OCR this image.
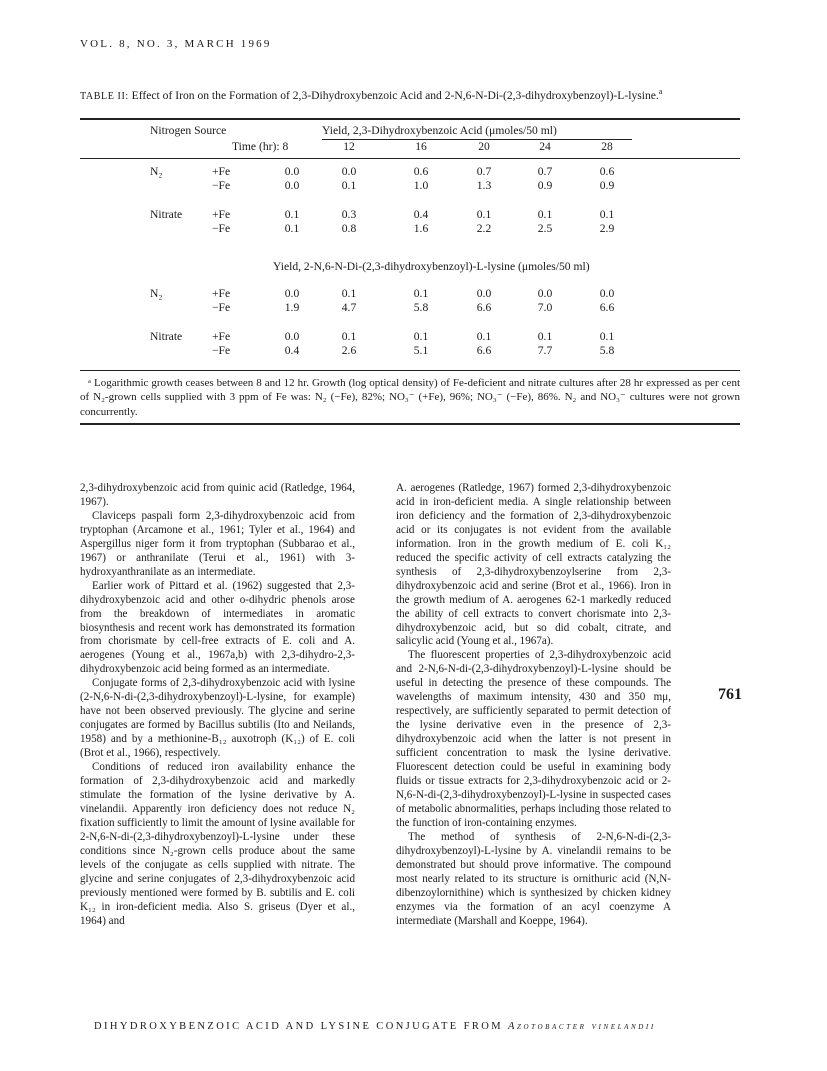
VOL. 8, NO. 3, MARCH 1969
TABLE II: Effect of Iron on the Formation of 2,3-Dihydroxybenzoic Acid and 2-N,6-N-Di-(2,3-dihydroxybenzoyl)-L-lysine.$^a$
Nitrogen Source	Yield, 2,3-Dihydroxybenzoic Acid (μmoles/50 ml)
Time (hr): 8	12	16	20	24	28
N₂	+Fe	0.0	0.0	0.6	0.7	0.7	0.6
−Fe	0.0	0.1	1.0	1.3	0.9	0.9
Nitrate	+Fe	0.1	0.3	0.4	0.1	0.1	0.1
−Fe	0.1	0.8	1.6	2.2	2.5	2.9
Yield, 2-N,6-N-Di-(2,3-dihydroxybenzoyl)-L-lysine (μmoles/50 ml)
N₂	+Fe	0.0	0.1	0.1	0.0	0.0	0.0
−Fe	1.9	4.7	5.8	6.6	7.0	6.6
Nitrate	+Fe	0.0	0.1	0.1	0.1	0.1	0.1
−Fe	0.4	2.6	5.1	6.6	7.7	5.8
ᵃ Logarithmic growth ceases between 8 and 12 hr. Growth (log optical density) of Fe-deficient and nitrate cultures after 28 hr expressed as per cent of N₂-grown cells supplied with 3 ppm of Fe was: N₂ (−Fe), 82%; NO₃⁻ (+Fe), 96%; NO₃⁻ (−Fe), 86%. N₂ and NO₃⁻ cultures were not grown concurrently.

2,3-dihydroxybenzoic acid from quinic acid (Ratledge, 1964, 1967).

Claviceps paspali form 2,3-dihydroxybenzoic acid from tryptophan (Arcamone et al., 1961; Tyler et al., 1964) and Aspergillus niger form it from tryptophan (Subbarao et al., 1967) or anthranilate (Terui et al., 1961) with 3-hydroxyanthranilate as an intermediate.

Earlier work of Pittard et al. (1962) suggested that 2,3-dihydroxybenzoic acid and other o-dihydric phenols arose from the breakdown of intermediates in aromatic biosynthesis and recent work has demonstrated its formation from chorismate by cell-free extracts of E. coli and A. aerogenes (Young et al., 1967a,b) with 2,3-dihydro-2,3-dihydroxybenzoic acid being formed as an intermediate.

Conjugate forms of 2,3-dihydroxybenzoic acid with lysine (2-N,6-N-di-(2,3-dihydroxybenzoyl)-L-lysine, for example) have not been observed previously. The glycine and serine conjugates are formed by Bacillus subtilis (Ito and Neilands, 1958) and by a methionine-B₁₂ auxotroph (K₁₂) of E. coli (Brot et al., 1966), respectively.

Conditions of reduced iron availability enhance the formation of 2,3-dihydroxybenzoic acid and markedly stimulate the formation of the lysine derivative by A. vinelandii. Apparently iron deficiency does not reduce N₂ fixation sufficiently to limit the amount of lysine available for 2-N,6-N-di-(2,3-dihydroxybenzoyl)-L-lysine under these conditions since N₂-grown cells produce about the same levels of the conjugate as cells supplied with nitrate. The glycine and serine conjugates of 2,3-dihydroxybenzoic acid previously mentioned were formed by B. subtilis and E. coli K₁₂ in iron-deficient media. Also S. griseus (Dyer et al., 1964) and

A. aerogenes (Ratledge, 1967) formed 2,3-dihydroxybenzoic acid in iron-deficient media. A single relationship between iron deficiency and the formation of 2,3-dihydroxybenzoic acid or its conjugates is not evident from the available information. Iron in the growth medium of E. coli K₁₂ reduced the specific activity of cell extracts catalyzing the synthesis of 2,3-dihydroxybenzoylserine from 2,3-dihydroxybenzoic acid and serine (Brot et al., 1966). Iron in the growth medium of A. aerogenes 62-1 markedly reduced the ability of cell extracts to convert chorismate into 2,3-dihydroxybenzoic acid, but so did cobalt, citrate, and salicylic acid (Young et al., 1967a).

The fluorescent properties of 2,3-dihydroxybenzoic acid and 2-N,6-N-di-(2,3-dihydroxybenzoyl)-L-lysine should be useful in detecting the presence of these compounds. The wavelengths of maximum intensity, 430 and 350 mμ, respectively, are sufficiently separated to permit detection of the lysine derivative even in the presence of 2,3-dihydroxybenzoic acid when the latter is not present in sufficient concentration to mask the lysine derivative. Fluorescent detection could be useful in examining body fluids or tissue extracts for 2,3-dihydroxybenzoic acid or 2-N,6-N-di-(2,3-dihydroxybenzoyl)-L-lysine in suspected cases of metabolic abnormalities, perhaps including those related to the function of iron-containing enzymes.

The method of synthesis of 2-N,6-N-di-(2,3-dihydroxybenzoyl)-L-lysine by A. vinelandii remains to be demonstrated but should prove informative. The compound most nearly related to its structure is ornithuric acid (N,N-dibenzoylornithine) which is synthesized by chicken kidney enzymes via the formation of an acyl coenzyme A intermediate (Marshall and Koeppe, 1964).

761
DIHYDROXYBENZOIC ACID AND LYSINE CONJUGATE FROM Azotobacter vinelandii
